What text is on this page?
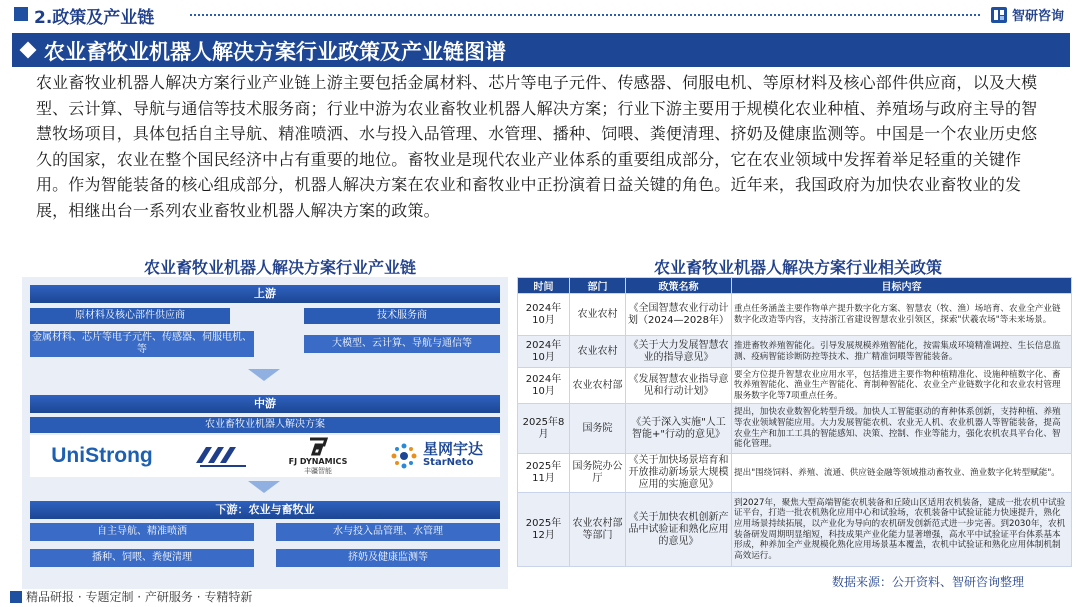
2.政策及产业链	智研咨询
农业畜牧业机器人解决方案行业政策及产业链图谱
农业畜牧业机器人解决方案行业产业链上游主要包括金属材料、芯片等电子元件、传感器、伺服电机、等原材料及核心部件供应商，以及大模型、云计算、导航与通信等技术服务商；行业中游为农业畜牧业机器人解决方案；行业下游主要用于规模化农业种植、养殖场与政府主导的智慧牧场项目，具体包括自主导航、精准喷洒、水与投入品管理、水管理、播种、饲喂、粪便清理、挤奶及健康监测等。中国是一个农业历史悠久的国家，农业在整个国民经济中占有重要的地位。畜牧业是现代农业产业体系的重要组成部分，它在农业领域中发挥着举足轻重的关键作用。作为智能装备的核心组成部分，机器人解决方案在农业和畜牧业中正扮演着日益关键的角色。近年来，我国政府为加快农业畜牧业的发展，相继出台一系列农业畜牧业机器人解决方案的政策。
农业畜牧业机器人解决方案行业产业链
上游
原材料及核心部件供应商	技术服务商
金属材料、芯片等电子元件、传感器、伺服电机、等
大模型、云计算、导航与通信等
中游
农业畜牧业机器人解决方案
下游：农业与畜牧业
自主导航、精准喷洒	水与投入品管理、水管理
播种、饲喂、粪便清理	挤奶及健康监测等
UniStrong	FJ DYNAMICS
丰疆智能
星网宇达
StarNeto
农业畜牧业机器人解决方案行业相关政策
时间	部门	政策名称	目标内容
2024年10月	农业农村	《全国智慧农业行动计划（2024—2028年）	重点任务涵盖主要作物单产提升数字化方案、智慧农（牧、渔）场培育、农业全产业链数字化改造等内容，支持浙江省建设智慧农业引领区，探索"伏羲农场"等未来场景。
2024年10月	农业农村	《关于大力发展智慧农业的指导意见》	推进畜牧养殖智能化。引导发展规模养殖智能化，按需集成环境精准调控、生长信息监测、疫病智能诊断防控等技术、推广精准饲喂等智能装备。
2024年10月	农业农村部	《发展智慧农业指导意见和行动计划》	要全方位提升智慧农业应用水平，包括推进主要作物种植精准化、设施种植数字化、畜牧养殖智能化、渔业生产智能化、育制种智能化、农业全产业链数字化和农业农村管理服务数字化等7项重点任务。
2025年8月	国务院	《关于深入实施"人工智能+"行动的意见》	提出，加快农业数智化转型升级。加快人工智能驱动的育种体系创新，支持种植、养殖等农业领域智能应用。大力发展智能农机、农业无人机、农业机器人等智能装备，提高农业生产和加工工具的智能感知、决策、控制、作业等能力，强化农机农具平台化、智能化管理。
2025年11月	国务院办公厅	《关于加快场景培育和开放推动新场景大规模应用的实施意见》	提出"围绕饲料、养殖、流通、供应链金融等领域推动畜牧业、渔业数字化转型赋能"。
2025年12月	农业农村部等部门	《关于加快农机创新产品中试验证和熟化应用的意见》	到2027年，聚焦大型高端智能农机装备和丘陵山区适用农机装备，建成一批农机中试验证平台，打造一批农机熟化应用中心和试验场，农机装备中试验证能力快速提升，熟化应用场景持续拓展，以产业化为导向的农机研发创新范式进一步完善。到2030年，农机装备研发周期明显缩短，科技成果产业化能力显著增强，高水平中试验证平台体系基本形成，种养加全产业规模化熟化应用场景基本覆盖，农机中试验证和熟化应用体制机制高效运行。
精品研报 · 专题定制 · 产研服务 · 专精特新
数据来源：公开资料、智研咨询整理
